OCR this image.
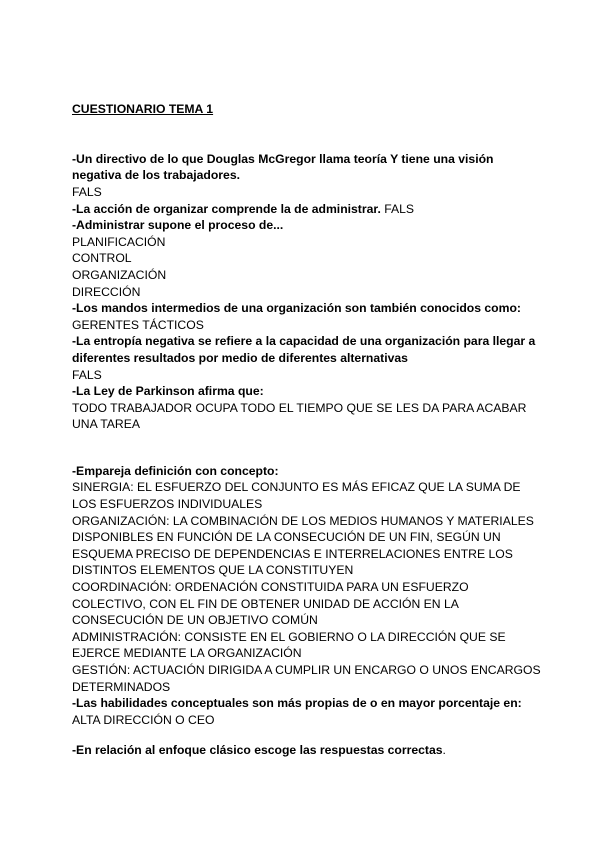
CUESTIONARIO TEMA 1

-Un directivo de lo que Douglas McGregor llama teoría Y tiene una visión negativa de los trabajadores.

FALS

-La acción de organizar comprende la de administrar. FALS

-Administrar supone el proceso de...

PLANIFICACIÓN

CONTROL

ORGANIZACIÓN

DIRECCIÓN

-Los mandos intermedios de una organización son también conocidos como:

GERENTES TÁCTICOS

-La entropía negativa se refiere a la capacidad de una organización para llegar a diferentes resultados por medio de diferentes alternativas

FALS

-La Ley de Parkinson afirma que:

TODO TRABAJADOR OCUPA TODO EL TIEMPO QUE SE LES DA PARA ACABAR UNA TAREA

-Empareja definición con concepto:

SINERGIA: EL ESFUERZO DEL CONJUNTO ES MÁS EFICAZ QUE LA SUMA DE LOS ESFUERZOS INDIVIDUALES

ORGANIZACIÓN: LA COMBINACIÓN DE LOS MEDIOS HUMANOS Y MATERIALES DISPONIBLES EN FUNCIÓN DE LA CONSECUCIÓN DE UN FIN, SEGÚN UN ESQUEMA PRECISO DE DEPENDENCIAS E INTERRELACIONES ENTRE LOS DISTINTOS ELEMENTOS QUE LA CONSTITUYEN

COORDINACIÓN: ORDENACIÓN CONSTITUIDA PARA UN ESFUERZO COLECTIVO, CON EL FIN DE OBTENER UNIDAD DE ACCIÓN EN LA CONSECUCIÓN DE UN OBJETIVO COMÚN

ADMINISTRACIÓN: CONSISTE EN EL GOBIERNO O LA DIRECCIÓN QUE SE EJERCE MEDIANTE LA ORGANIZACIÓN

GESTIÓN: ACTUACIÓN DIRIGIDA A CUMPLIR UN ENCARGO O UNOS ENCARGOS DETERMINADOS

-Las habilidades conceptuales son más propias de o en mayor porcentaje en:

ALTA DIRECCIÓN O CEO

-En relación al enfoque clásico escoge las respuestas correctas.
